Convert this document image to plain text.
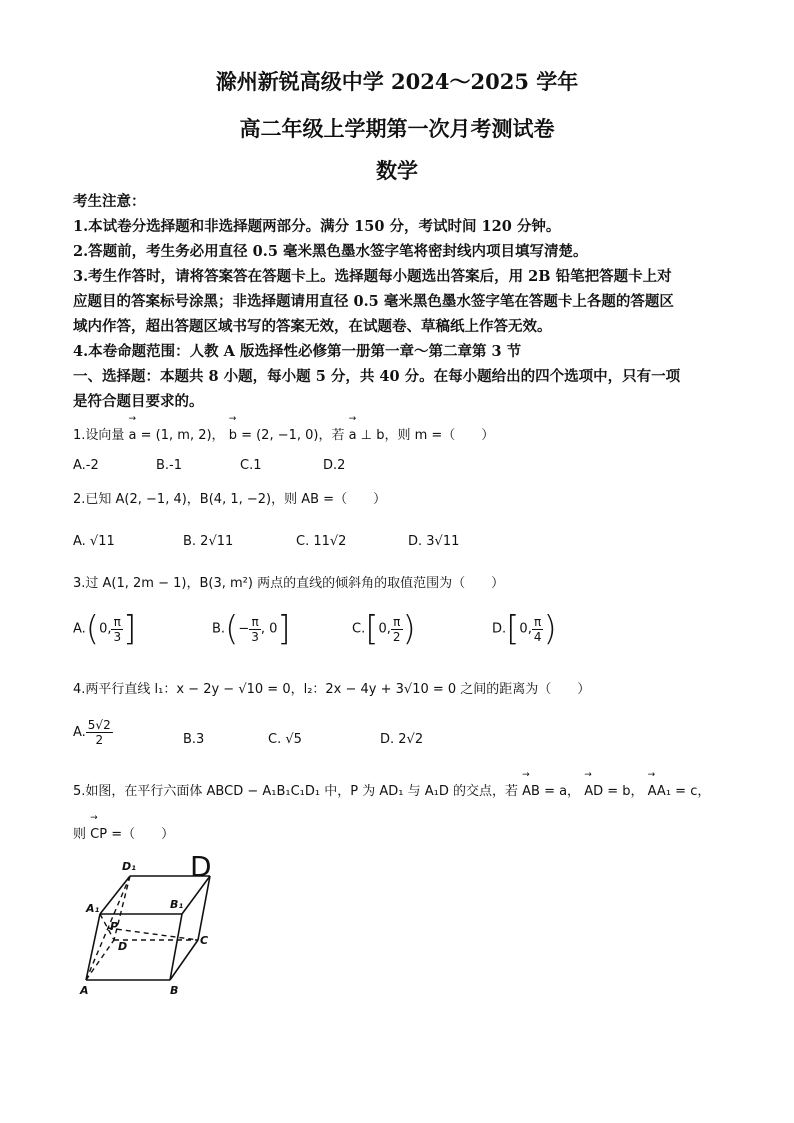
滁州新锐高级中学 2024～2025 学年
高二年级上学期第一次月考测试卷
数学
考生注意：
1.本试卷分选择题和非选择题两部分。满分 150 分，考试时间 120 分钟。
2.答题前，考生务必用直径 0.5 毫米黑色墨水签字笔将密封线内项目填写清楚。
3.考生作答时，请将答案答在答题卡上。选择题每小题选出答案后，用 2B 铅笔把答题卡上对
应题目的答案标号涂黑；非选择题请用直径 0.5 毫米黑色墨水签字笔在答题卡上各题的答题区
域内作答，超出答题区域书写的答案无效，在试题卷、草稿纸上作答无效。
4.本卷命题范围：人教 A 版选择性必修第一册第一章～第二章第 3 节
一、选择题：本题共 8 小题，每小题 5 分，共 40 分。在每小题给出的四个选项中，只有一项
是符合题目要求的。
1.设向量 → a = (1, m, 2)， → b = (2, −1, 0)，若 → a ⊥ b，则 m =（　　）
A.-2	B.-1	C.1	D.2
2.已知 A(2, −1, 4)，B(4, 1, −2)，则 AB =（　　）
A. √11	B. 2√11	C. 11√2	D. 3√11
3.过 A(1, 2m − 1)，B(3, m²) 两点的直线的倾斜角的取值范围为（　　）
A.(0, $\frac{\pi}{3}$ ]	$B.(- \frac{\pi}{3}$ , 0]	C.[0, $\frac{\pi}{2}$ )	D.[0, $\frac{\pi}{4}$ )
4.两平行直线 l₁：x − 2y − √10 = 0，l₂：2x − 4y + 3√10 = 0 之间的距离为（　　）
A. $\frac{5√2}{2}$	B.3	C. √5	D. 2√2
5.如图，在平行六面体 ABCD − A₁B₁C₁D₁ 中，P 为 AD₁ 与 A₁D 的交点，若 → AB = a， → AD = b， → AA₁ = c，
则 → CP =（　　）
D₁
A₁	B₁
P
D	C
A	B
D
